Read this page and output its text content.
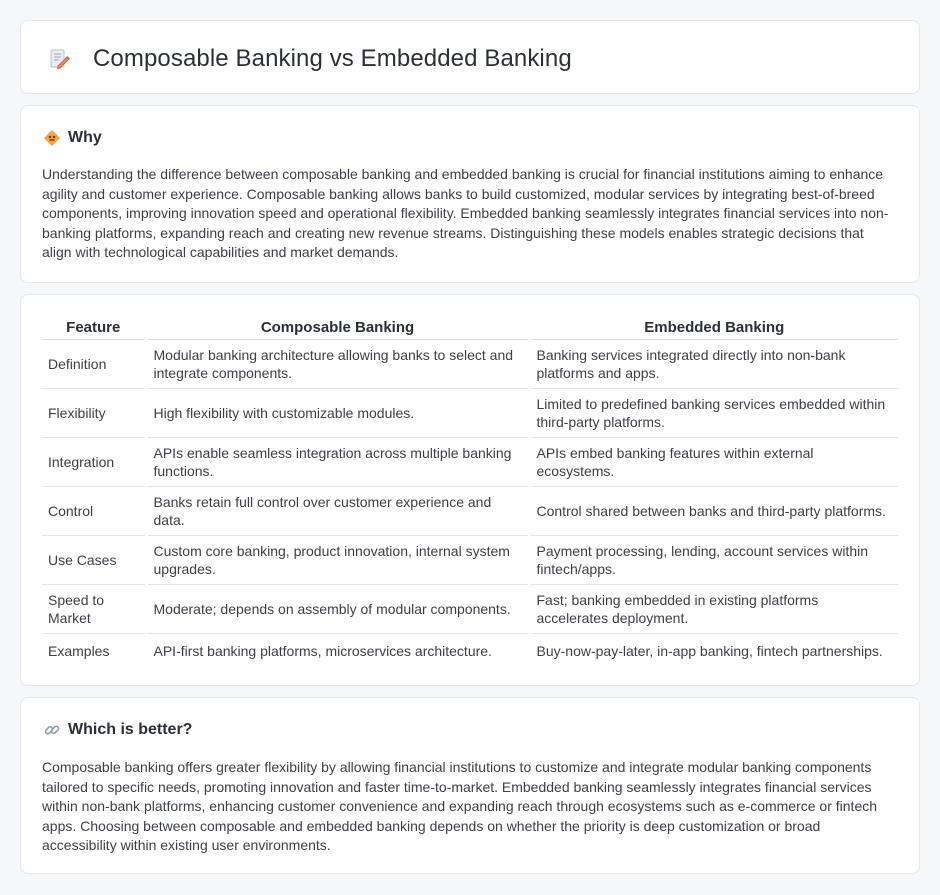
Composable Banking vs Embedded Banking
Why

Understanding the difference between composable banking and embedded banking is crucial for financial institutions aiming to enhance agility and customer experience. Composable banking allows banks to build customized, modular services by integrating best-of-breed components, improving innovation speed and operational flexibility. Embedded banking seamlessly integrates financial services into non-banking platforms, expanding reach and creating new revenue streams. Distinguishing these models enables strategic decisions that align with technological capabilities and market demands.

Feature	Composable Banking	Embedded Banking
Definition	Modular banking architecture allowing banks to select and integrate components.	Banking services integrated directly into non-bank platforms and apps.
Flexibility	High flexibility with customizable modules.	Limited to predefined banking services embedded within third-party platforms.
Integration	APIs enable seamless integration across multiple banking functions.	APIs embed banking features within external ecosystems.
Control	Banks retain full control over customer experience and data.	Control shared between banks and third-party platforms.
Use Cases	Custom core banking, product innovation, internal system upgrades.	Payment processing, lending, account services within fintech/apps.
Speed to Market	Moderate; depends on assembly of modular components.	Fast; banking embedded in existing platforms accelerates deployment.
Examples	API-first banking platforms, microservices architecture.	Buy-now-pay-later, in-app banking, fintech partnerships.
Which is better?

Composable banking offers greater flexibility by allowing financial institutions to customize and integrate modular banking components tailored to specific needs, promoting innovation and faster time-to-market. Embedded banking seamlessly integrates financial services within non-bank platforms, enhancing customer convenience and expanding reach through ecosystems such as e-commerce or fintech apps. Choosing between composable and embedded banking depends on whether the priority is deep customization or broad accessibility within existing user environments.
